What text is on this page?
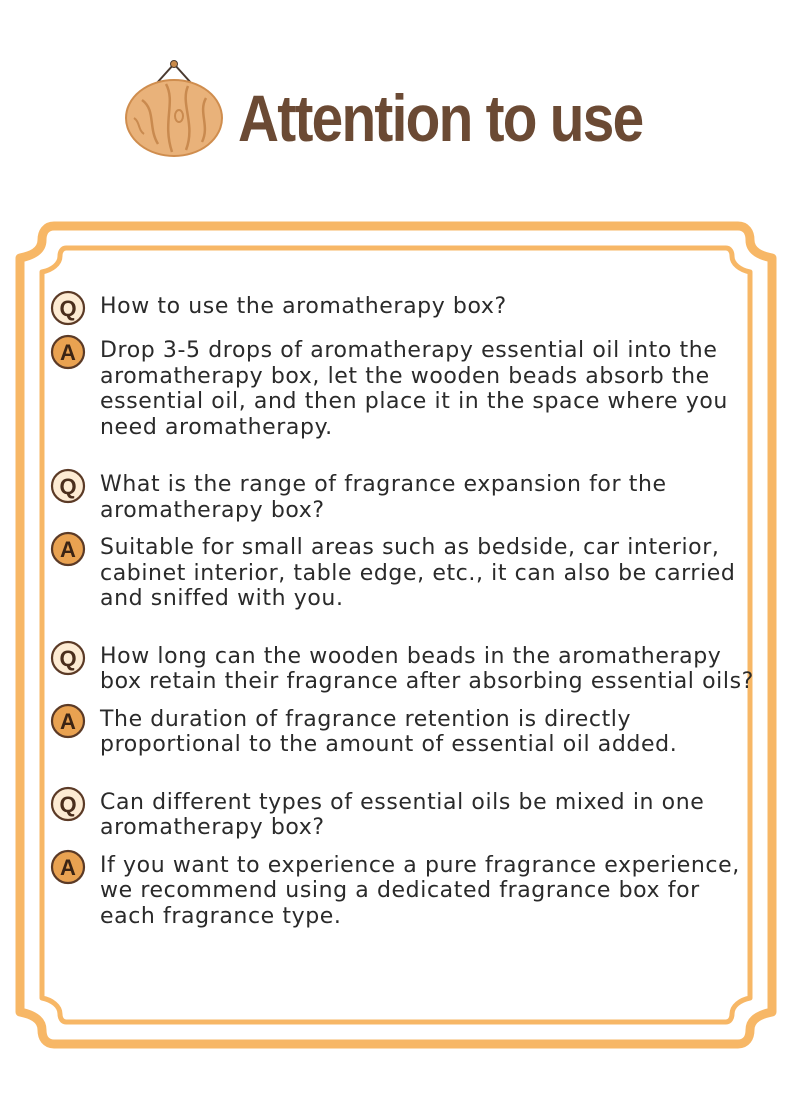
Attention to use
Q How to use the aromatherapy box?
A Drop 3-5 drops of aromatherapy essential oil into the aromatherapy box, let the wooden beads absorb the essential oil, and then place it in the space where you need aromatherapy.
Q What is the range of fragrance expansion for the aromatherapy box?
A Suitable for small areas such as bedside, car interior, cabinet interior, table edge, etc., it can also be carried and sniffed with you.
Q How long can the wooden beads in the aromatherapy box retain their fragrance after absorbing essential oils?
A The duration of fragrance retention is directly proportional to the amount of essential oil added.
Q Can different types of essential oils be mixed in one aromatherapy box?
A If you want to experience a pure fragrance experience, we recommend using a dedicated fragrance box for each fragrance type.
